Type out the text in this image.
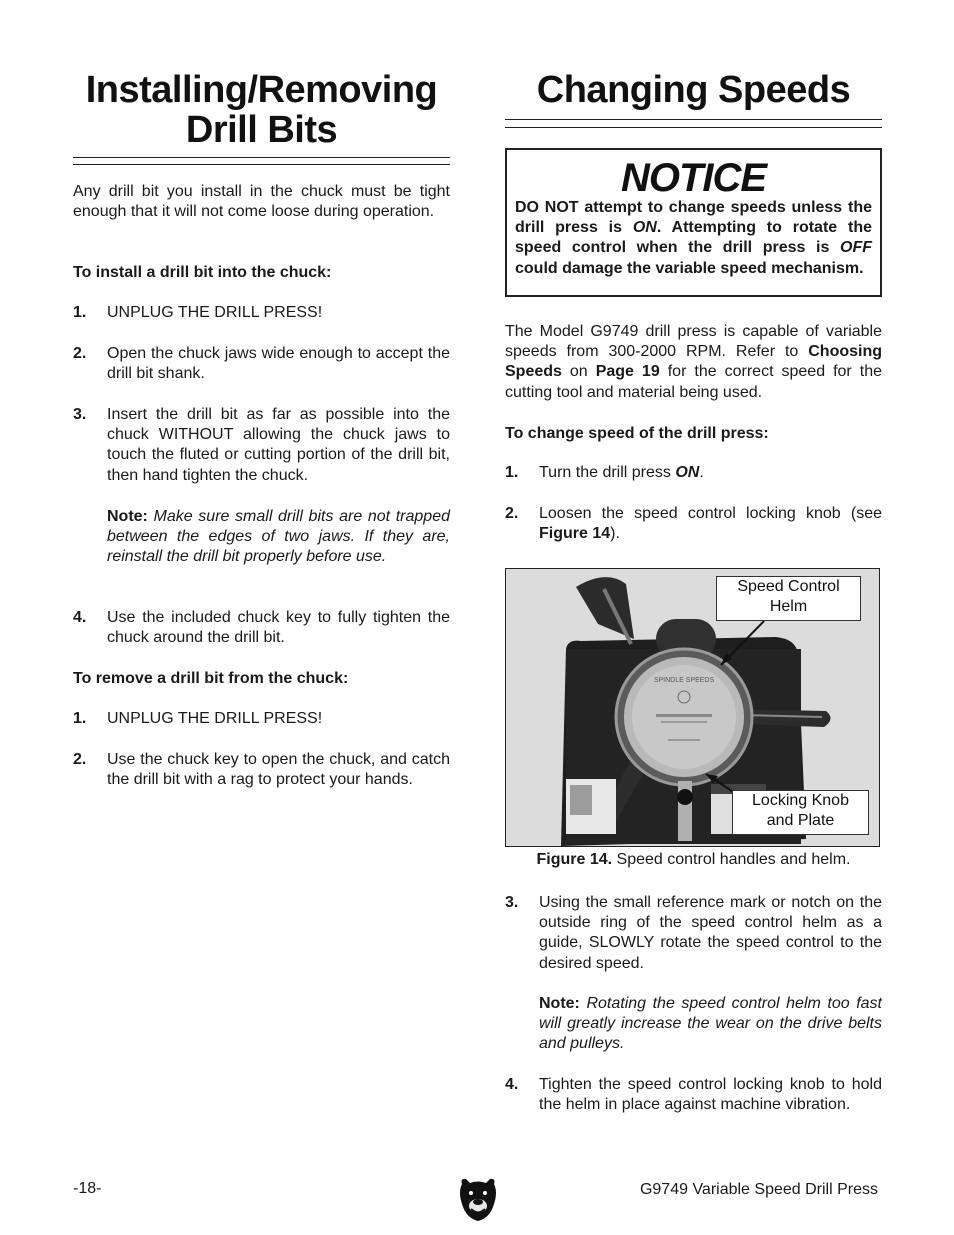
Installing/Removing
Drill Bits

Any drill bit you install in the chuck must be tight enough that it will not come loose during operation.

To install a drill bit into the chuck:

1. UNPLUG THE DRILL PRESS!
2. Open the chuck jaws wide enough to accept the drill bit shank.
3. Insert the drill bit as far as possible into the chuck WITHOUT allowing the chuck jaws to touch the fluted or cutting portion of the drill bit, then hand tighten the chuck.
Note: Make sure small drill bits are not trapped between the edges of two jaws. If they are, reinstall the drill bit properly before use.
4. Use the included chuck key to fully tighten the chuck around the drill bit.

To remove a drill bit from the chuck:

1. UNPLUG THE DRILL PRESS!
2. Use the chuck key to open the chuck, and catch the drill bit with a rag to protect your hands.
Changing Speeds
NOTICE
DO NOT attempt to change speeds unless the drill press is ON. Attempting to rotate the speed control when the drill press is OFF could damage the variable speed mechanism.

The Model G9749 drill press is capable of variable speeds from 300-2000 RPM. Refer to Choosing Speeds on Page 19 for the correct speed for the cutting tool and material being used.

To change speed of the drill press:

1. Turn the drill press ON.
2. Loosen the speed control locking knob (see Figure 14).
SPINDLE SPEEDS
Speed Control
Helm
Locking Knob
and Plate
Figure 14. Speed control handles and helm.
3. Using the small reference mark or notch on the outside ring of the speed control helm as a guide, SLOWLY rotate the speed control to the desired speed.
Note: Rotating the speed control helm too fast will greatly increase the wear on the drive belts and pulleys.
4. Tighten the speed control locking knob to hold the helm in place against machine vibration.
-18-	G9749 Variable Speed Drill Press
